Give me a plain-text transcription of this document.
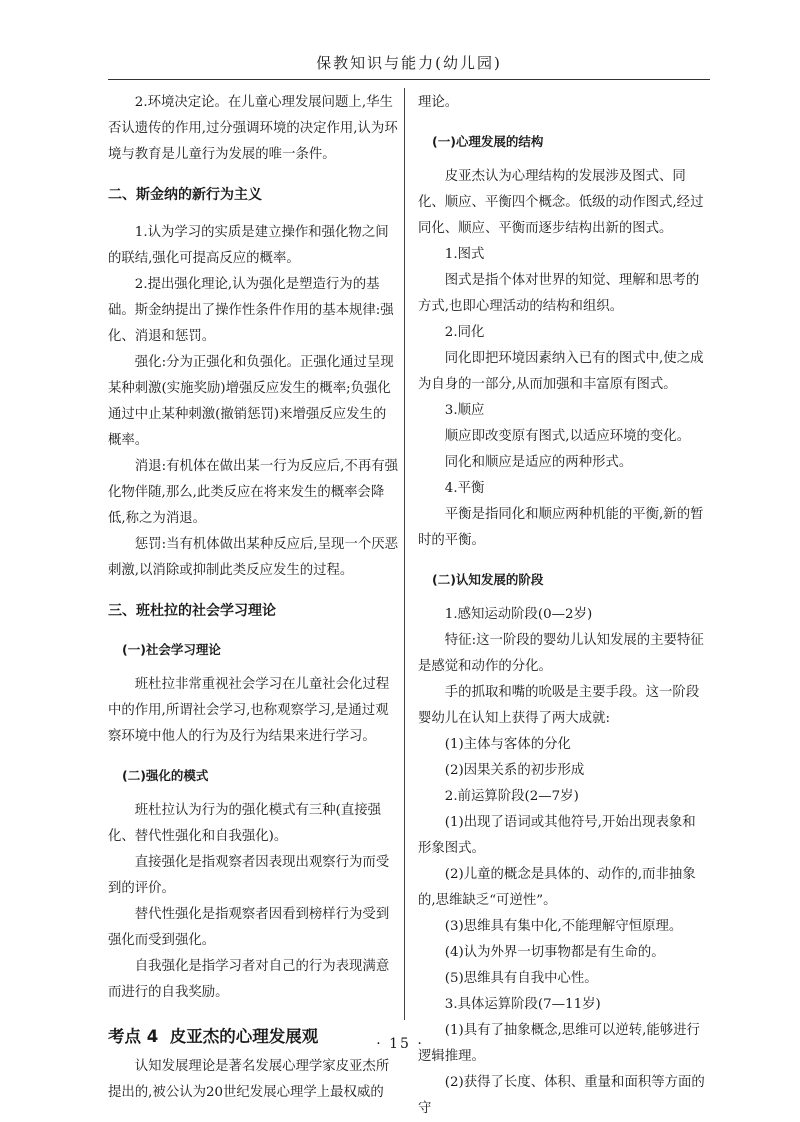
保教知识与能力(幼儿园)

2.环境决定论。在儿童心理发展问题上,华生否认遗传的作用,过分强调环境的决定作用,认为环境与教育是儿童行为发展的唯一条件。

二、斯金纳的新行为主义

1.认为学习的实质是建立操作和强化物之间的联结,强化可提高反应的概率。

2.提出强化理论,认为强化是塑造行为的基础。斯金纳提出了操作性条件作用的基本规律:强化、消退和惩罚。

强化:分为正强化和负强化。正强化通过呈现某种刺激(实施奖励)增强反应发生的概率;负强化通过中止某种刺激(撤销惩罚)来增强反应发生的概率。

消退:有机体在做出某一行为反应后,不再有强化物伴随,那么,此类反应在将来发生的概率会降低,称之为消退。

惩罚:当有机体做出某种反应后,呈现一个厌恶刺激,以消除或抑制此类反应发生的过程。

三、班杜拉的社会学习理论
(一)社会学习理论

班杜拉非常重视社会学习在儿童社会化过程中的作用,所谓社会学习,也称观察学习,是通过观察环境中他人的行为及行为结果来进行学习。

(二)强化的模式

班杜拉认为行为的强化模式有三种(直接强化、替代性强化和自我强化)。

直接强化是指观察者因表现出观察行为而受到的评价。

替代性强化是指观察者因看到榜样行为受到强化而受到强化。

自我强化是指学习者对自己的行为表现满意而进行的自我奖励。

考点 4 皮亚杰的心理发展观

认知发展理论是著名发展心理学家皮亚杰所提出的,被公认为20世纪发展心理学上最权威的

理论。

(一)心理发展的结构

皮亚杰认为心理结构的发展涉及图式、同化、顺应、平衡四个概念。低级的动作图式,经过同化、顺应、平衡而逐步结构出新的图式。

1.图式

图式是指个体对世界的知觉、理解和思考的方式,也即心理活动的结构和组织。

2.同化

同化即把环境因素纳入已有的图式中,使之成为自身的一部分,从而加强和丰富原有图式。

3.顺应

顺应即改变原有图式,以适应环境的变化。

同化和顺应是适应的两种形式。

4.平衡

平衡是指同化和顺应两种机能的平衡,新的暂时的平衡。

(二)认知发展的阶段

1.感知运动阶段(0—2岁)

特征:这一阶段的婴幼儿认知发展的主要特征是感觉和动作的分化。

手的抓取和嘴的吮吸是主要手段。这一阶段婴幼儿在认知上获得了两大成就:

(1)主体与客体的分化

(2)因果关系的初步形成

2.前运算阶段(2—7岁)

(1)出现了语词或其他符号,开始出现表象和形象图式。

(2)儿童的概念是具体的、动作的,而非抽象的,思维缺乏“可逆性”。

(3)思维具有集中化,不能理解守恒原理。

(4)认为外界一切事物都是有生命的。

(5)思维具有自我中心性。

3.具体运算阶段(7—11岁)

(1)具有了抽象概念,思维可以逆转,能够进行逻辑推理。

(2)获得了长度、体积、重量和面积等方面的守

· 15 ·
